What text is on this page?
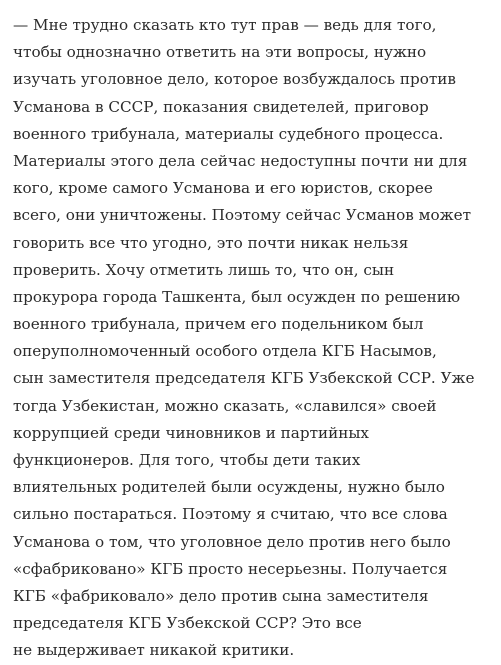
— Мне трудно сказать кто тут прав — ведь для того,
чтобы однозначно ответить на эти вопросы, нужно
изучать уголовное дело, которое возбуждалось против
Усманова в СССР, показания свидетелей, приговор
военного трибунала, материалы судебного процесса.
Материалы этого дела сейчас недоступны почти ни для
кого, кроме самого Усманова и его юристов, скорее
всего, они уничтожены. Поэтому сейчас Усманов может
говорить все что угодно, это почти никак нельзя
проверить. Хочу отметить лишь то, что он, сын
прокурора города Ташкента, был осужден по решению
военного трибунала, причем его подельником был
оперуполномоченный особого отдела КГБ Насымов,
сын заместителя председателя КГБ Узбекской ССР. Уже
тогда Узбекистан, можно сказать, «славился» своей
коррупцией среди чиновников и партийных
функционеров. Для того, чтобы дети таких
влиятельных родителей были осуждены, нужно было
сильно постараться. Поэтому я считаю, что все слова
Усманова о том, что уголовное дело против него было
«сфабриковано» КГБ просто несерьезны. Получается
КГБ «фабриковало» дело против сына заместителя
председателя КГБ Узбекской ССР? Это все
не выдерживает никакой критики.
